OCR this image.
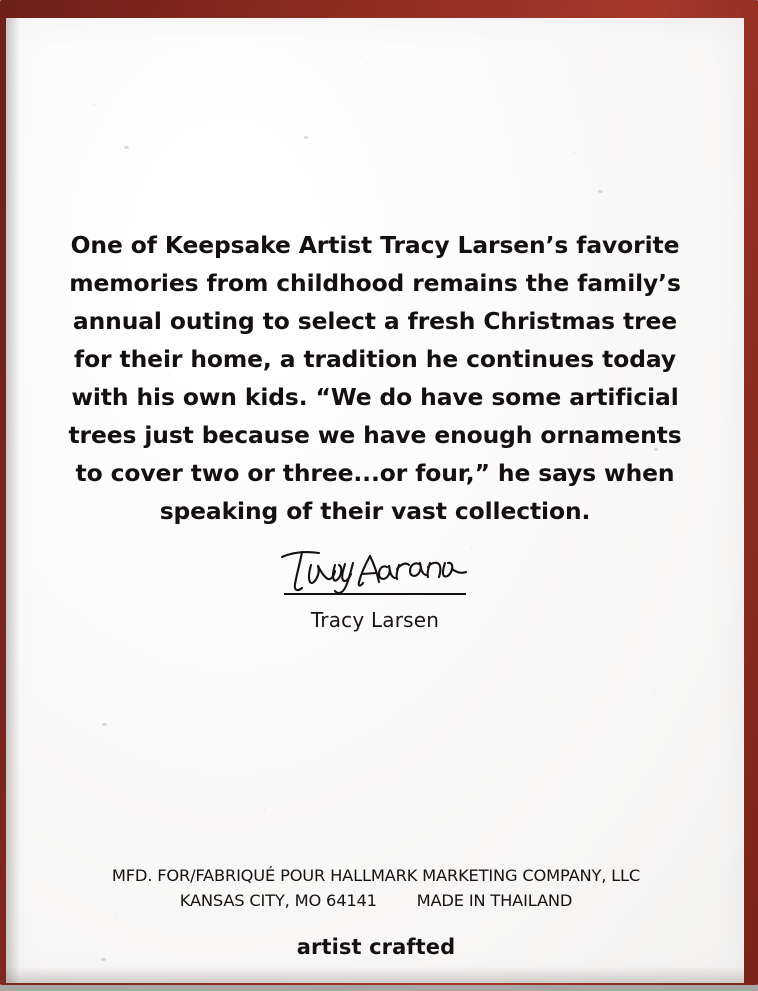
One of Keepsake Artist Tracy Larsen’s favorite memories from childhood remains the family’s annual outing to select a fresh Christmas tree for their home, a tradition he continues today with his own kids. “We do have some artificial trees just because we have enough ornaments to cover two or three...or four,” he says when speaking of their vast collection.

Tracy Larsen
MFD. FOR/FABRIQUÉ POUR HALLMARK MARKETING COMPANY, LLC
KANSAS CITY, MO 64141        MADE IN THAILAND
artist crafted
